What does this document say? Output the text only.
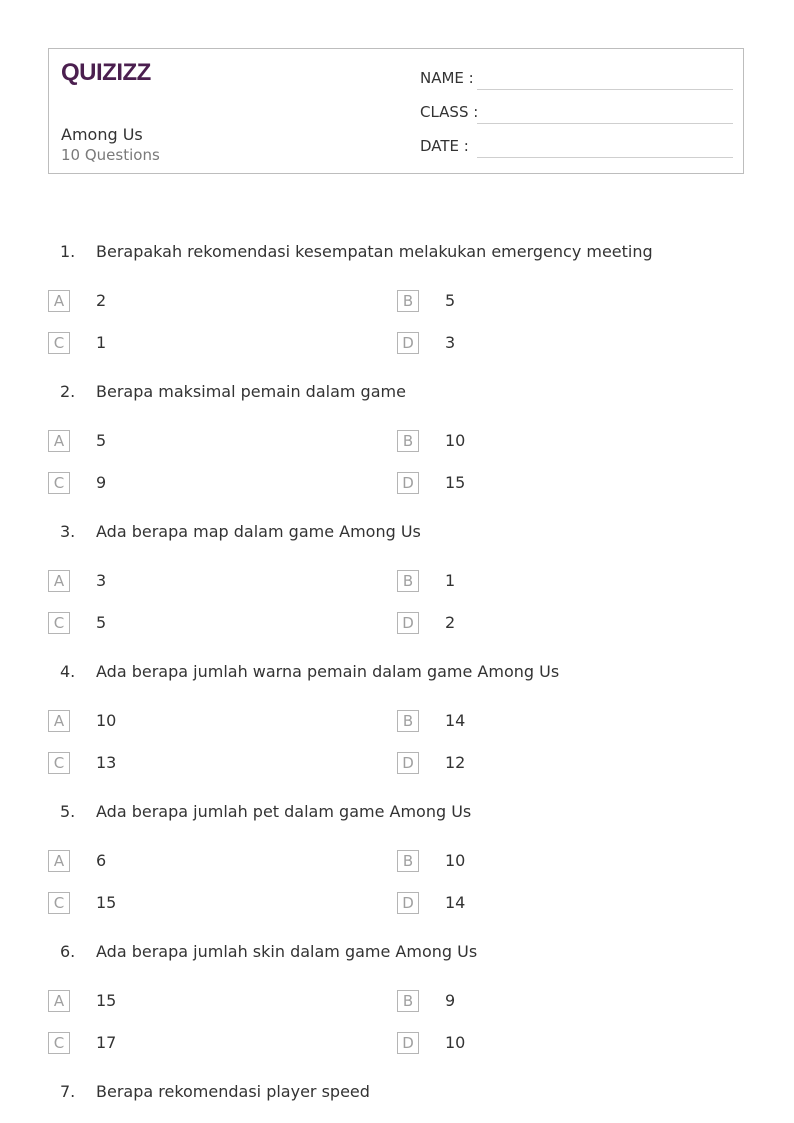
QUIZIZZ
Among Us
10 Questions
NAME :
CLASS :
DATE :
1. Berapakah rekomendasi kesempatan melakukan emergency meeting
A	2	B	5
C	1	D	3
2. Berapa maksimal pemain dalam game
A	5	B	10
C	9	D	15
3. Ada berapa map dalam game Among Us
A	3	B	1
C	5	D	2
4. Ada berapa jumlah warna pemain dalam game Among Us
A	10	B	14
C	13	D	12
5. Ada berapa jumlah pet dalam game Among Us
A	6	B	10
C	15	D	14
6. Ada berapa jumlah skin dalam game Among Us
A	15	B	9
C	17	D	10
7. Berapa rekomendasi player speed
